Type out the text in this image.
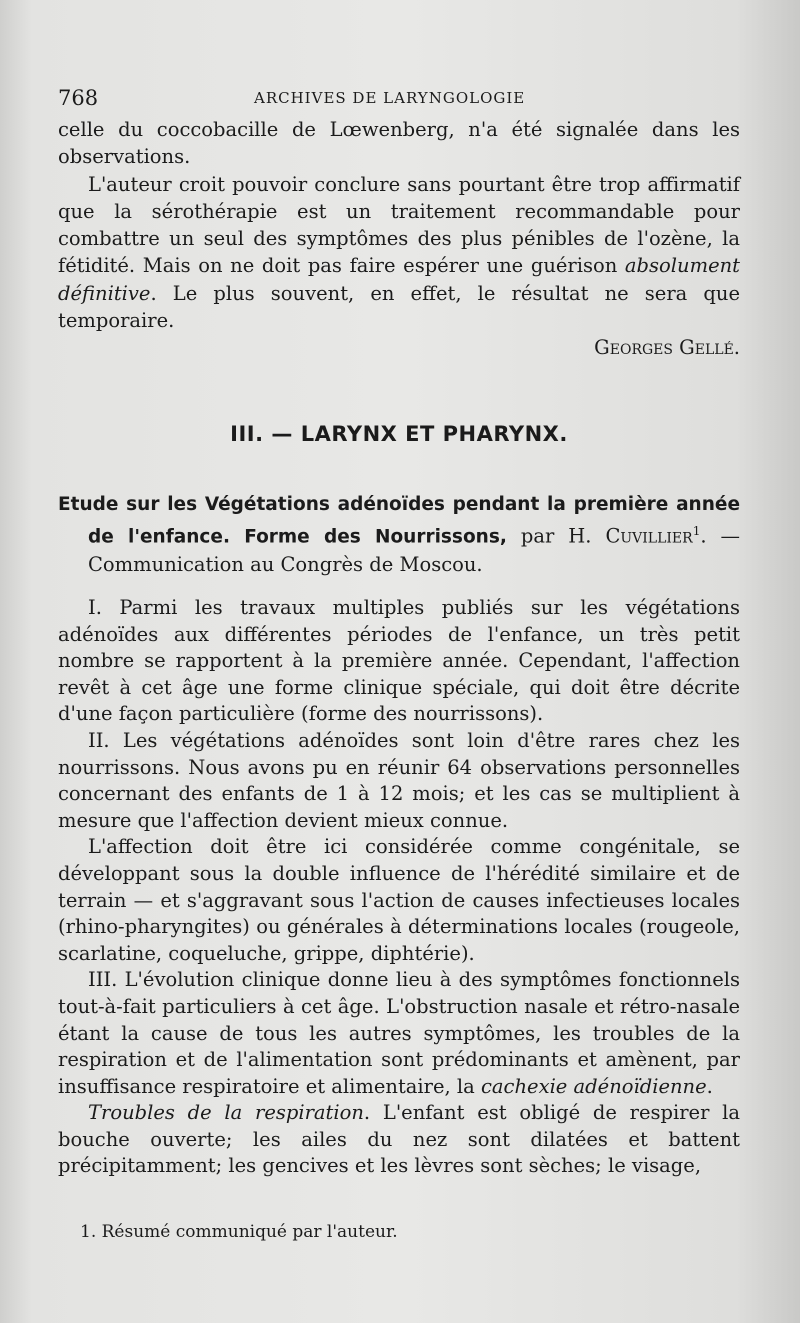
768	ARCHIVES DE LARYNGOLOGIE

celle du coccobacille de Lœwenberg, n'a été signalée dans les observations.

L'auteur croit pouvoir conclure sans pourtant être trop affirmatif que la sérothérapie est un traitement recommandable pour combattre un seul des symptômes des plus pénibles de l'ozène, la fétidité. Mais on ne doit pas faire espérer une guérison absolument définitive. Le plus souvent, en effet, le résultat ne sera que temporaire.

Georges Gellé.

III. — LARYNX ET PHARYNX.

Etude sur les Végétations adénoïdes pendant la première année de l'enfance. Forme des Nourrissons, par H. Cuvillier$^1$. — Communication au Congrès de Moscou.

I. Parmi les travaux multiples publiés sur les végétations adénoïdes aux différentes périodes de l'enfance, un très petit nombre se rapportent à la première année. Cependant, l'affection revêt à cet âge une forme clinique spéciale, qui doit être décrite d'une façon particulière (forme des nourrissons).

II. Les végétations adénoïdes sont loin d'être rares chez les nourrissons. Nous avons pu en réunir 64 observations personnelles concernant des enfants de 1 à 12 mois; et les cas se multiplient à mesure que l'affection devient mieux connue.

L'affection doit être ici considérée comme congénitale, se développant sous la double influence de l'hérédité similaire et de terrain — et s'aggravant sous l'action de causes infectieuses locales (rhino-pharyngites) ou générales à déterminations locales (rougeole, scarlatine, coqueluche, grippe, diphtérie).

III. L'évolution clinique donne lieu à des symptômes fonctionnels tout-à-fait particuliers à cet âge. L'obstruction nasale et rétro-nasale étant la cause de tous les autres symptômes, les troubles de la respiration et de l'alimentation sont prédominants et amènent, par insuffisance respiratoire et alimentaire, la cachexie adénoïdienne.

Troubles de la respiration. L'enfant est obligé de respirer la bouche ouverte; les ailes du nez sont dilatées et battent précipitamment; les gencives et les lèvres sont sèches; le visage,

1. Résumé communiqué par l'auteur.
